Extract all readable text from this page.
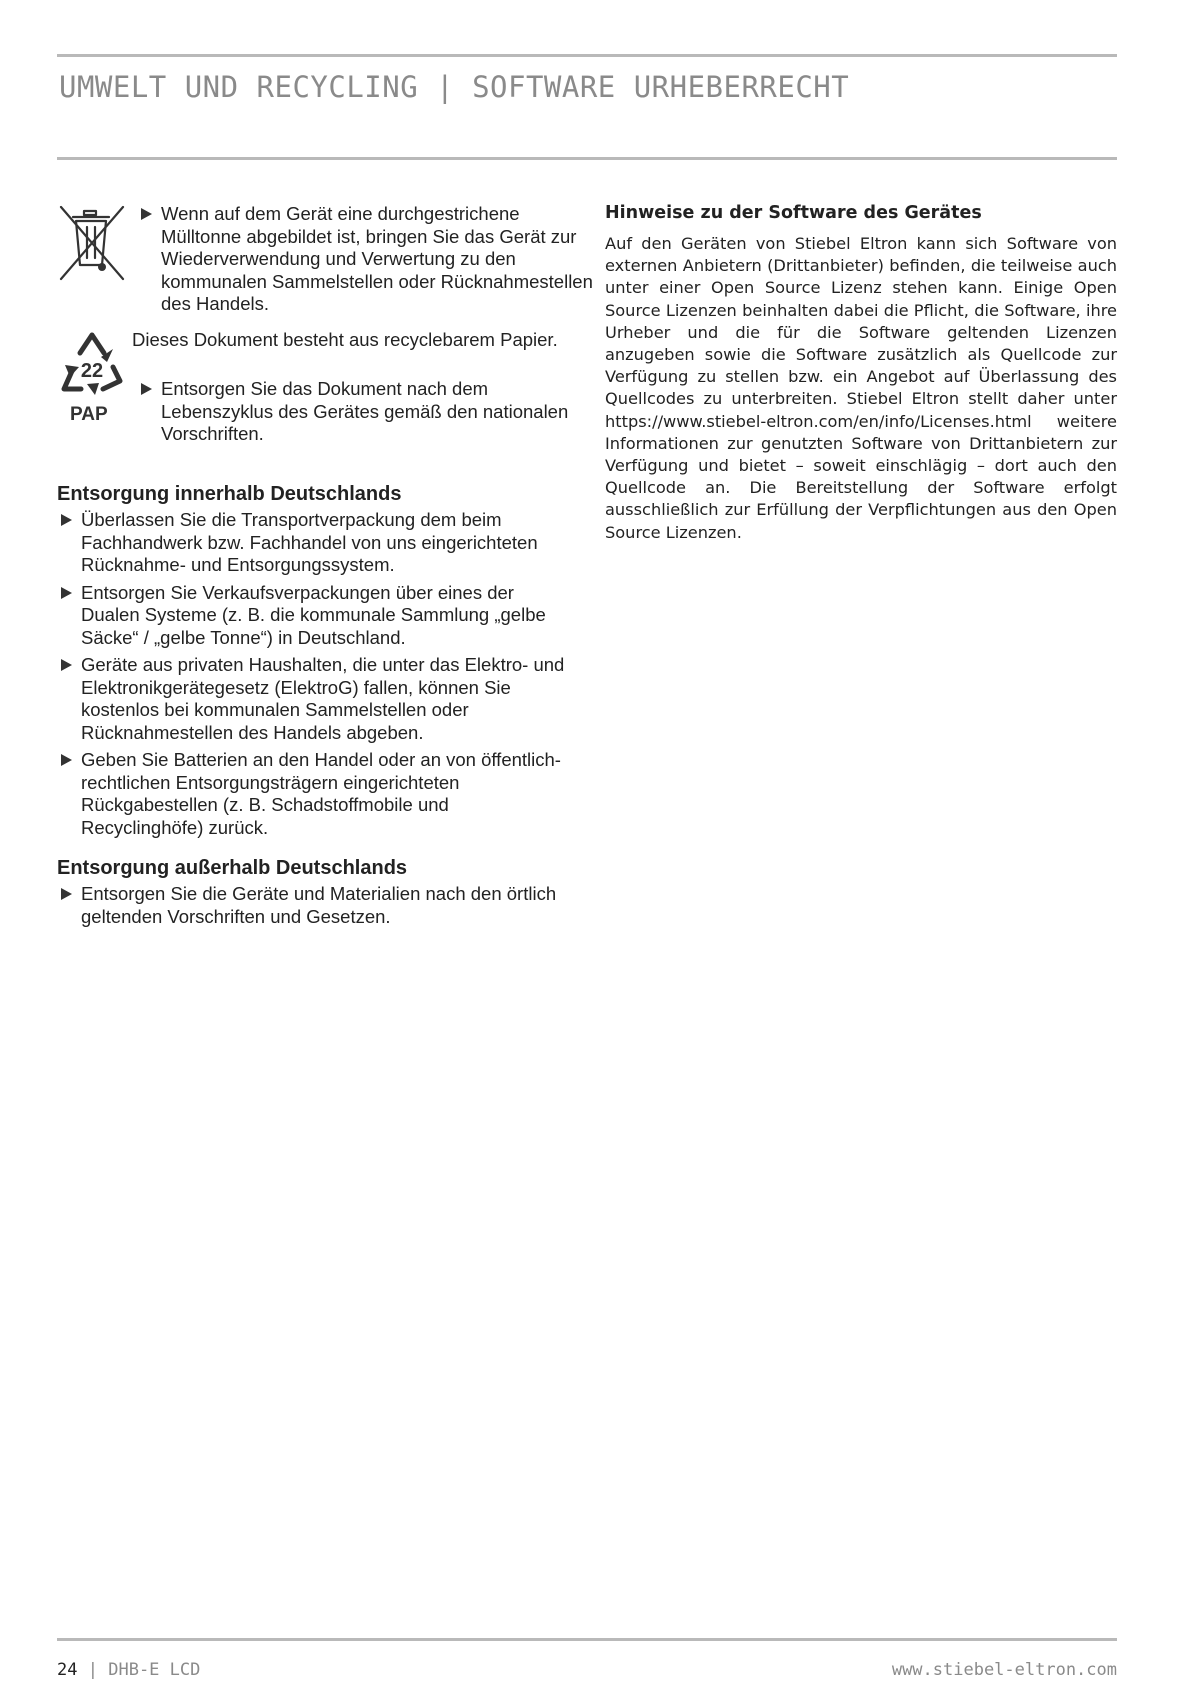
UMWELT UND RECYCLING | SOFTWARE URHEBERRECHT
Wenn auf dem Gerät eine durchgestrichene Mülltonne abgebildet ist, bringen Sie das Gerät zur Wiederverwendung und Verwertung zu den kommunalen Sammelstellen oder Rücknahmestellen des Handels.
22
PAP
Dieses Dokument besteht aus recyclebarem Papier.
Entsorgen Sie das Dokument nach dem Lebenszyklus des Gerätes gemäß den nationalen Vorschriften.
Entsorgung innerhalb Deutschlands
Überlassen Sie die Transportverpackung dem beim Fachhandwerk bzw. Fachhandel von uns eingerichteten Rücknahme- und Entsorgungssystem.
Entsorgen Sie Verkaufsverpackungen über eines der Dualen Systeme (z. B. die kommunale Sammlung „gelbe Säcke“ / „gelbe Tonne“) in Deutschland.
Geräte aus privaten Haushalten, die unter das Elektro- und Elektronikgerätegesetz (ElektroG) fallen, können Sie kostenlos bei kommunalen Sammelstellen oder Rücknahmestellen des Handels abgeben.
Geben Sie Batterien an den Handel oder an von öffentlich-rechtlichen Entsorgungsträgern eingerichteten Rückgabestellen (z. B. Schadstoffmobile und Recyclinghöfe) zurück.
Entsorgung außerhalb Deutschlands
Entsorgen Sie die Geräte und Materialien nach den örtlich geltenden Vorschriften und Gesetzen.
Hinweise zu der Software des Gerätes
Auf den Geräten von Stiebel Eltron kann sich Software von externen Anbietern (Drittanbieter) befinden, die teilweise auch unter einer Open Source Lizenz stehen kann. Einige Open Source Lizenzen beinhalten dabei die Pflicht, die Software, ihre Urheber und die für die Software geltenden Lizenzen anzugeben sowie die Software zusätzlich als Quellcode zur Verfügung zu stellen bzw. ein Angebot auf Überlassung des Quellcodes zu unterbreiten. Stiebel Eltron stellt daher unter https://www.stiebel-eltron.com/en/info/Licenses.html weitere Informationen zur genutzten Software von Drittanbietern zur Verfügung und bietet – soweit einschlägig – dort auch den Quellcode an. Die Bereitstellung der Software erfolgt ausschließlich zur Erfüllung der Verpflichtungen aus den Open Source Lizenzen.
24 | DHB-E LCD	www.stiebel-eltron.com
